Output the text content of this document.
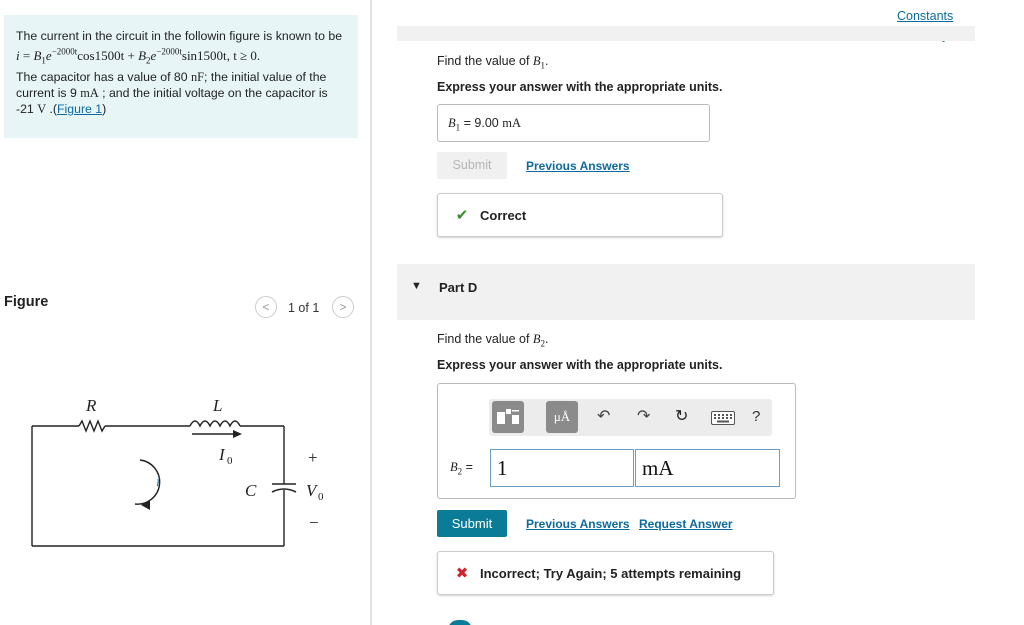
The current in the circuit in the followin figure is known to be
$i = B_1e^{-2000t}\cos 1500t + B_2e^{-2000t}\sin 1500t$, t ≥ 0.
The capacitor has a value of 80 nF; the initial value of the current is 9 mA ; and the initial voltage on the capacitor is -21 V .(Figure 1)
Figure	<	1 of 1	>
R	L
I 0
i	C	V 0
+
−
Constants
Find the value of $B_1$.
Express your answer with the appropriate units.
$B_1 = 9.00$ mA
Submit	Previous Answers
✔ Correct
▼ Part D
Find the value of $B_2$.
Express your answer with the appropriate units.
μÅ ↶ ↷ ↻	?
$B_2$ =	1	mA
Submit	Previous Answers Request Answer
✖ Incorrect; Try Again; 5 attempts remaining
